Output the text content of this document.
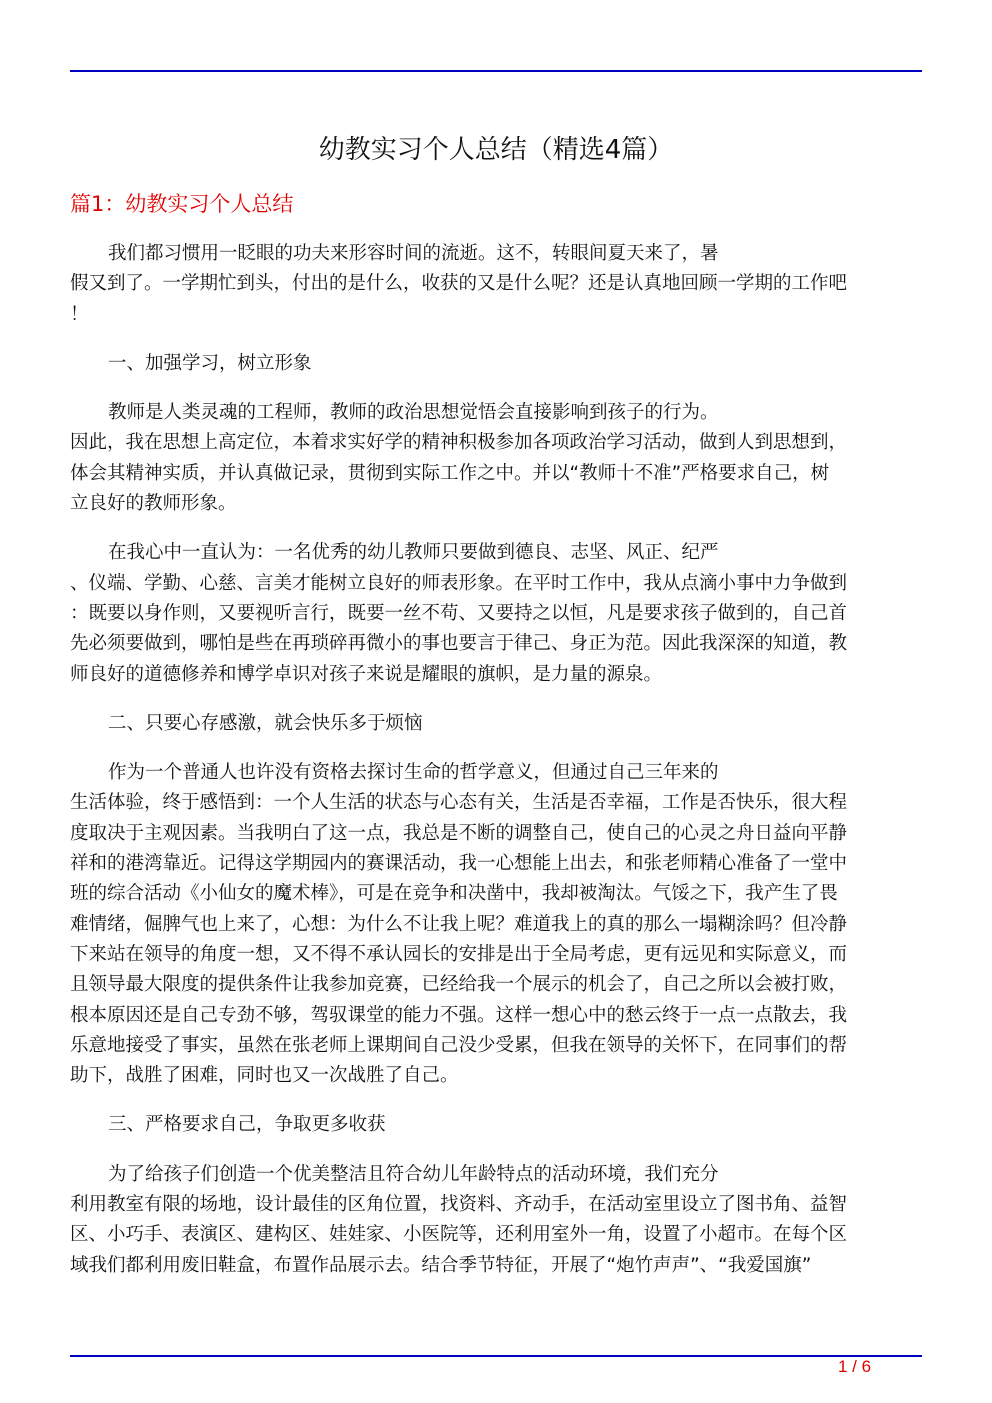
幼教实习个人总结（精选4篇）
篇1：幼教实习个人总结
我们都习惯用一眨眼的功夫来形容时间的流逝。这不，转眼间夏天来了，暑
假又到了。一学期忙到头，付出的是什么，收获的又是什么呢？还是认真地回顾一学期的工作吧
！
一、加强学习，树立形象
教师是人类灵魂的工程师，教师的政治思想觉悟会直接影响到孩子的行为。
因此，我在思想上高定位，本着求实好学的精神积极参加各项政治学习活动，做到人到思想到，
体会其精神实质，并认真做记录，贯彻到实际工作之中。并以“教师十不准”严格要求自己，树
立良好的教师形象。
在我心中一直认为：一名优秀的幼儿教师只要做到德良、志坚、风正、纪严
、仪端、学勤、心慈、言美才能树立良好的师表形象。在平时工作中，我从点滴小事中力争做到
：既要以身作则，又要视听言行，既要一丝不苟、又要持之以恒，凡是要求孩子做到的，自己首
先必须要做到，哪怕是些在再琐碎再微小的事也要言于律己、身正为范。因此我深深的知道，教
师良好的道德修养和博学卓识对孩子来说是耀眼的旗帜，是力量的源泉。
二、只要心存感激，就会快乐多于烦恼
作为一个普通人也许没有资格去探讨生命的哲学意义，但通过自己三年来的
生活体验，终于感悟到：一个人生活的状态与心态有关，生活是否幸福，工作是否快乐，很大程
度取决于主观因素。当我明白了这一点，我总是不断的调整自己，使自己的心灵之舟日益向平静
祥和的港湾靠近。记得这学期园内的赛课活动，我一心想能上出去，和张老师精心准备了一堂中
班的综合活动《小仙女的魔术棒》，可是在竞争和决凿中，我却被淘汰。气馁之下，我产生了畏
难情绪，倔脾气也上来了，心想：为什么不让我上呢？难道我上的真的那么一塌糊涂吗？但冷静
下来站在领导的角度一想，又不得不承认园长的安排是出于全局考虑，更有远见和实际意义，而
且领导最大限度的提供条件让我参加竞赛，已经给我一个展示的机会了，自己之所以会被打败，
根本原因还是自己专劲不够，驾驭课堂的能力不强。这样一想心中的愁云终于一点一点散去，我
乐意地接受了事实，虽然在张老师上课期间自己没少受累，但我在领导的关怀下，在同事们的帮
助下，战胜了困难，同时也又一次战胜了自己。
三、严格要求自己，争取更多收获
为了给孩子们创造一个优美整洁且符合幼儿年龄特点的活动环境，我们充分
利用教室有限的场地，设计最佳的区角位置，找资料、齐动手，在活动室里设立了图书角、益智
区、小巧手、表演区、建构区、娃娃家、小医院等，还利用室外一角，设置了小超市。在每个区
域我们都利用废旧鞋盒，布置作品展示去。结合季节特征，开展了“炮竹声声”、“我爱国旗”
1 / 6
